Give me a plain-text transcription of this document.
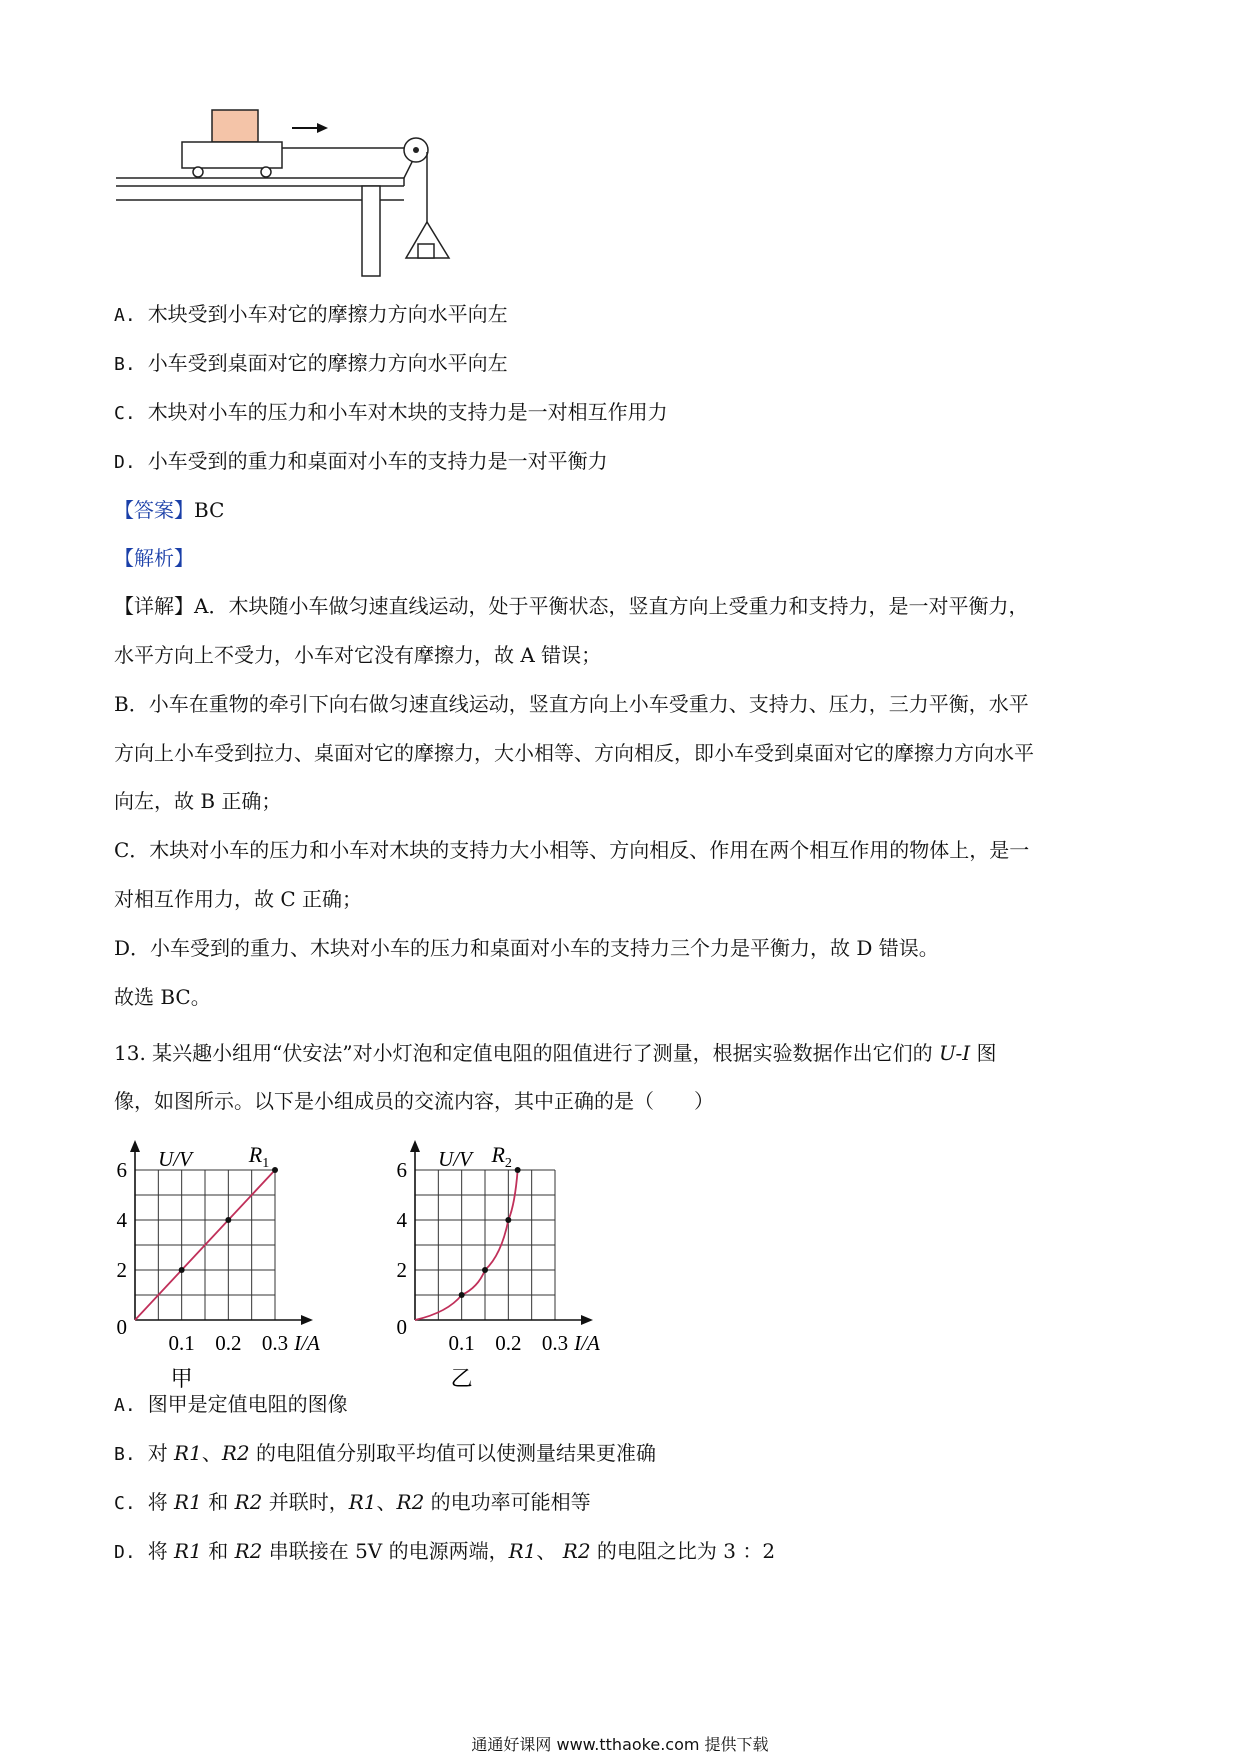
A. 木块受到小车对它的摩擦力方向水平向左
B. 小车受到桌面对它的摩擦力方向水平向左
C. 木块对小车的压力和小车对木块的支持力是一对相互作用力
D. 小车受到的重力和桌面对小车的支持力是一对平衡力
【答案】BC
【解析】
【详解】A．木块随小车做匀速直线运动，处于平衡状态，竖直方向上受重力和支持力，是一对平衡力，
水平方向上不受力，小车对它没有摩擦力，故 A 错误；
B．小车在重物的牵引下向右做匀速直线运动，竖直方向上小车受重力、支持力、压力，三力平衡，水平
方向上小车受到拉力、桌面对它的摩擦力，大小相等、方向相反，即小车受到桌面对它的摩擦力方向水平
向左，故 B 正确；
C．木块对小车的压力和小车对木块的支持力大小相等、方向相反、作用在两个相互作用的物体上，是一
对相互作用力，故 C 正确；
D．小车受到的重力、木块对小车的压力和桌面对小车的支持力三个力是平衡力，故 D 错误。
故选 BC。
13. 某兴趣小组用“伏安法”对小灯泡和定值电阻的阻值进行了测量，根据实验数据作出它们的 U-I 图
像，如图所示。以下是小组成员的交流内容，其中正确的是（　　）
6
4
2
0
0.1 0.2 0.3 I/A
U/V	$R_1$
甲
6
4
2
0
0.1 0.2 0.3 I/A
U/V $R_2$
乙
A. 图甲是定值电阻的图像
B. 对 R1、R2 的电阻值分别取平均值可以使测量结果更准确
C. 将 R1 和 R2 并联时，R1、R2 的电功率可能相等
D. 将 R1 和 R2 串联接在 5V 的电源两端，R1、 R2 的电阻之比为 3 ：2
通通好课网 www.tthaoke.com 提供下载
